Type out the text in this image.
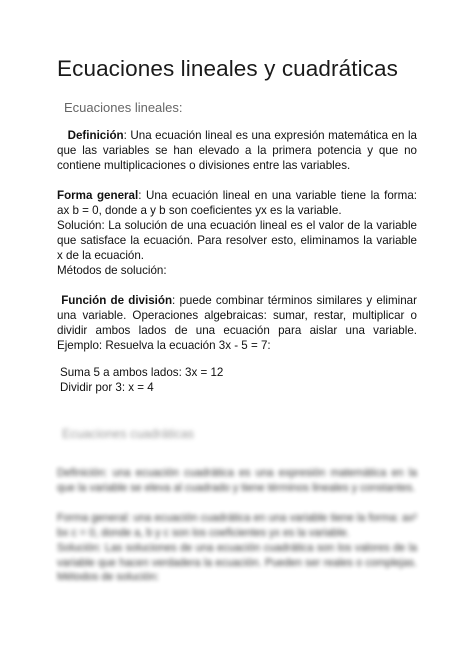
Ecuaciones lineales y cuadráticas

Ecuaciones lineales:

Definición: Una ecuación lineal es una expresión matemática en la que las variables se han elevado a la primera potencia y que no contiene multiplicaciones o divisiones entre las variables.

Forma general: Una ecuación lineal en una variable tiene la forma: ax b = 0, donde a y b son coeficientes yx es la variable.

Solución: La solución de una ecuación lineal es el valor de la variable que satisface la ecuación. Para resolver esto, eliminamos la variable x de la ecuación.

Métodos de solución:

Función de división: puede combinar términos similares y eliminar una variable. Operaciones algebraicas: sumar, restar, multiplicar o dividir ambos lados de una ecuación para aislar una variable. Ejemplo: Resuelva la ecuación 3x - 5 = 7:

Suma 5 a ambos lados: 3x = 12

Dividir por 3: x = 4

Ecuaciones cuadráticas

Definición: una ecuación cuadrática es una expresión matemática en la que la variable se eleva al cuadrado y tiene términos lineales y constantes.

Forma general: una ecuación cuadrática en una variable tiene la forma: ax² bx c = 0, donde a, b y c son los coeficientes yx es la variable.

Solución: Las soluciones de una ecuación cuadrática son los valores de la variable que hacen verdadera la ecuación. Pueden ser reales o complejas. Métodos de solución:
